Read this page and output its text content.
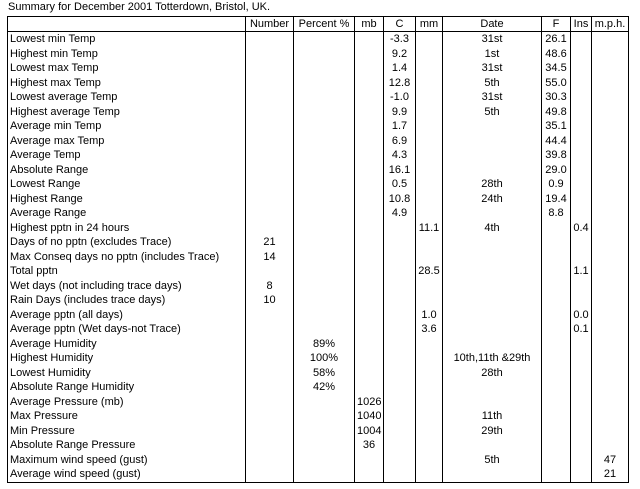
Summary for December 2001 Totterdown, Bristol, UK.
	Number	Percent %	mb	C	mm	Date	F	Ins	m.p.h.
Lowest min Temp				-3.3		31st	26.1		
Highest min Temp				9.2		1st	48.6		
Lowest max Temp				1.4		31st	34.5		
Highest max Temp				12.8		5th	55.0		
Lowest average Temp				-1.0		31st	30.3		
Highest average Temp				9.9		5th	49.8		
Average min Temp				1.7			35.1		
Average max Temp				6.9			44.4		
Average Temp				4.3			39.8		
Absolute Range				16.1			29.0		
Lowest Range				0.5		28th	0.9		
Highest Range				10.8		24th	19.4		
Average Range				4.9			8.8		
Highest pptn in 24 hours					11.1	4th		0.4	
Days of no pptn (excludes Trace)	21								
Max Conseq days no pptn (includes Trace)	14								
Total pptn					28.5			1.1	
Wet days (not including trace days)	8								
Rain Days (includes trace days)	10								
Average pptn (all days)					1.0			0.0	
Average pptn (Wet days-not Trace)					3.6			0.1	
Average Humidity		89%							
Highest Humidity		100%				10th,11th &29th			
Lowest Humidity		58%				28th			
Absolute Range Humidity		42%							
Average Pressure (mb)			1026						
Max Pressure			1040			11th			
Min Pressure			1004			29th			
Absolute Range Pressure			36						
Maximum wind speed (gust)						5th			47
Average wind speed (gust)									21
